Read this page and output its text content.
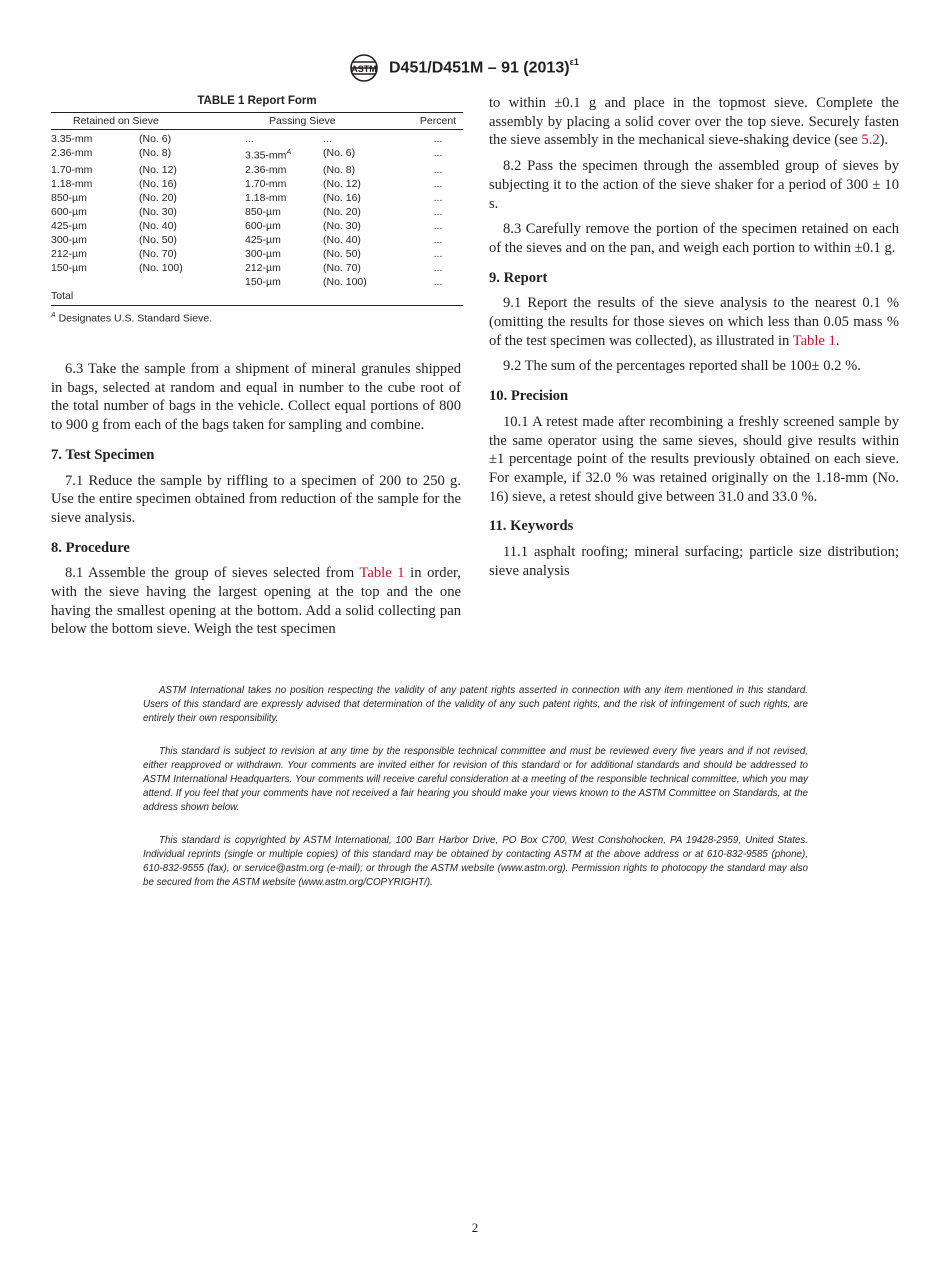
ASTM D451/D451M – 91 $(2013)^{\varepsilon 1}$
TABLE 1 Report Form
Retained on Sieve		Passing Sieve		Percent
3.35-mm	(No. 6)	...	...	...
2.36-mm	(No. 8)	$3.35-mm^A$	(No. 6)	...
1.70-mm	(No. 12)	2.36-mm	(No. 8)	...
1.18-mm	(No. 16)	1.70-mm	(No. 12)	...
850-µm	(No. 20)	1.18-mm	(No. 16)	...
600-µm	(No. 30)	850-µm	(No. 20)	...
425-µm	(No. 40)	600-µm	(No. 30)	...
300-µm	(No. 50)	425-µm	(No. 40)	...
212-µm	(No. 70)	300-µm	(No. 50)	...
150-µm	(No. 100)	212-µm	(No. 70)	...
		150-µm	(No. 100)	...
Total				
$^A$ Designates U.S. Standard Sieve.

6.3 Take the sample from a shipment of mineral granules shipped in bags, selected at random and equal in number to the cube root of the total number of bags in the vehicle. Collect equal portions of 800 to 900 g from each of the bags taken for sampling and combine.

7. Test Specimen

7.1 Reduce the sample by riffling to a specimen of 200 to 250 g. Use the entire specimen obtained from reduction of the sample for the sieve analysis.

8. Procedure

8.1 Assemble the group of sieves selected from Table 1 in order, with the sieve having the largest opening at the top and the one having the smallest opening at the bottom. Add a solid collecting pan below the bottom sieve. Weigh the test specimen

to within ±0.1 g and place in the topmost sieve. Complete the assembly by placing a solid cover over the top sieve. Securely fasten the sieve assembly in the mechanical sieve-shaking device (see 5.2).

8.2 Pass the specimen through the assembled group of sieves by subjecting it to the action of the sieve shaker for a period of 300 ± 10 s.

8.3 Carefully remove the portion of the specimen retained on each of the sieves and on the pan, and weigh each portion to within ±0.1 g.

9. Report

9.1 Report the results of the sieve analysis to the nearest 0.1 % (omitting the results for those sieves on which less than 0.05 mass % of the test specimen was collected), as illustrated in Table 1.

9.2 The sum of the percentages reported shall be 100± 0.2 %.

10. Precision

10.1 A retest made after recombining a freshly screened sample by the same operator using the same sieves, should give results within ±1 percentage point of the results previously obtained on each sieve. For example, if 32.0 % was retained originally on the 1.18-mm (No. 16) sieve, a retest should give between 31.0 and 33.0 %.

11. Keywords

11.1 asphalt roofing; mineral surfacing; particle size distribution; sieve analysis

ASTM International takes no position respecting the validity of any patent rights asserted in connection with any item mentioned in this standard. Users of this standard are expressly advised that determination of the validity of any such patent rights, and the risk of infringement of such rights, are entirely their own responsibility.

This standard is subject to revision at any time by the responsible technical committee and must be reviewed every five years and if not revised, either reapproved or withdrawn. Your comments are invited either for revision of this standard or for additional standards and should be addressed to ASTM International Headquarters. Your comments will receive careful consideration at a meeting of the responsible technical committee, which you may attend. If you feel that your comments have not received a fair hearing you should make your views known to the ASTM Committee on Standards, at the address shown below.

This standard is copyrighted by ASTM International, 100 Barr Harbor Drive, PO Box C700, West Conshohocken, PA 19428-2959, United States. Individual reprints (single or multiple copies) of this standard may be obtained by contacting ASTM at the above address or at 610-832-9585 (phone), 610-832-9555 (fax), or service@astm.org (e-mail); or through the ASTM website (www.astm.org). Permission rights to photocopy the standard may also be secured from the ASTM website (www.astm.org/COPYRIGHT/).

2
